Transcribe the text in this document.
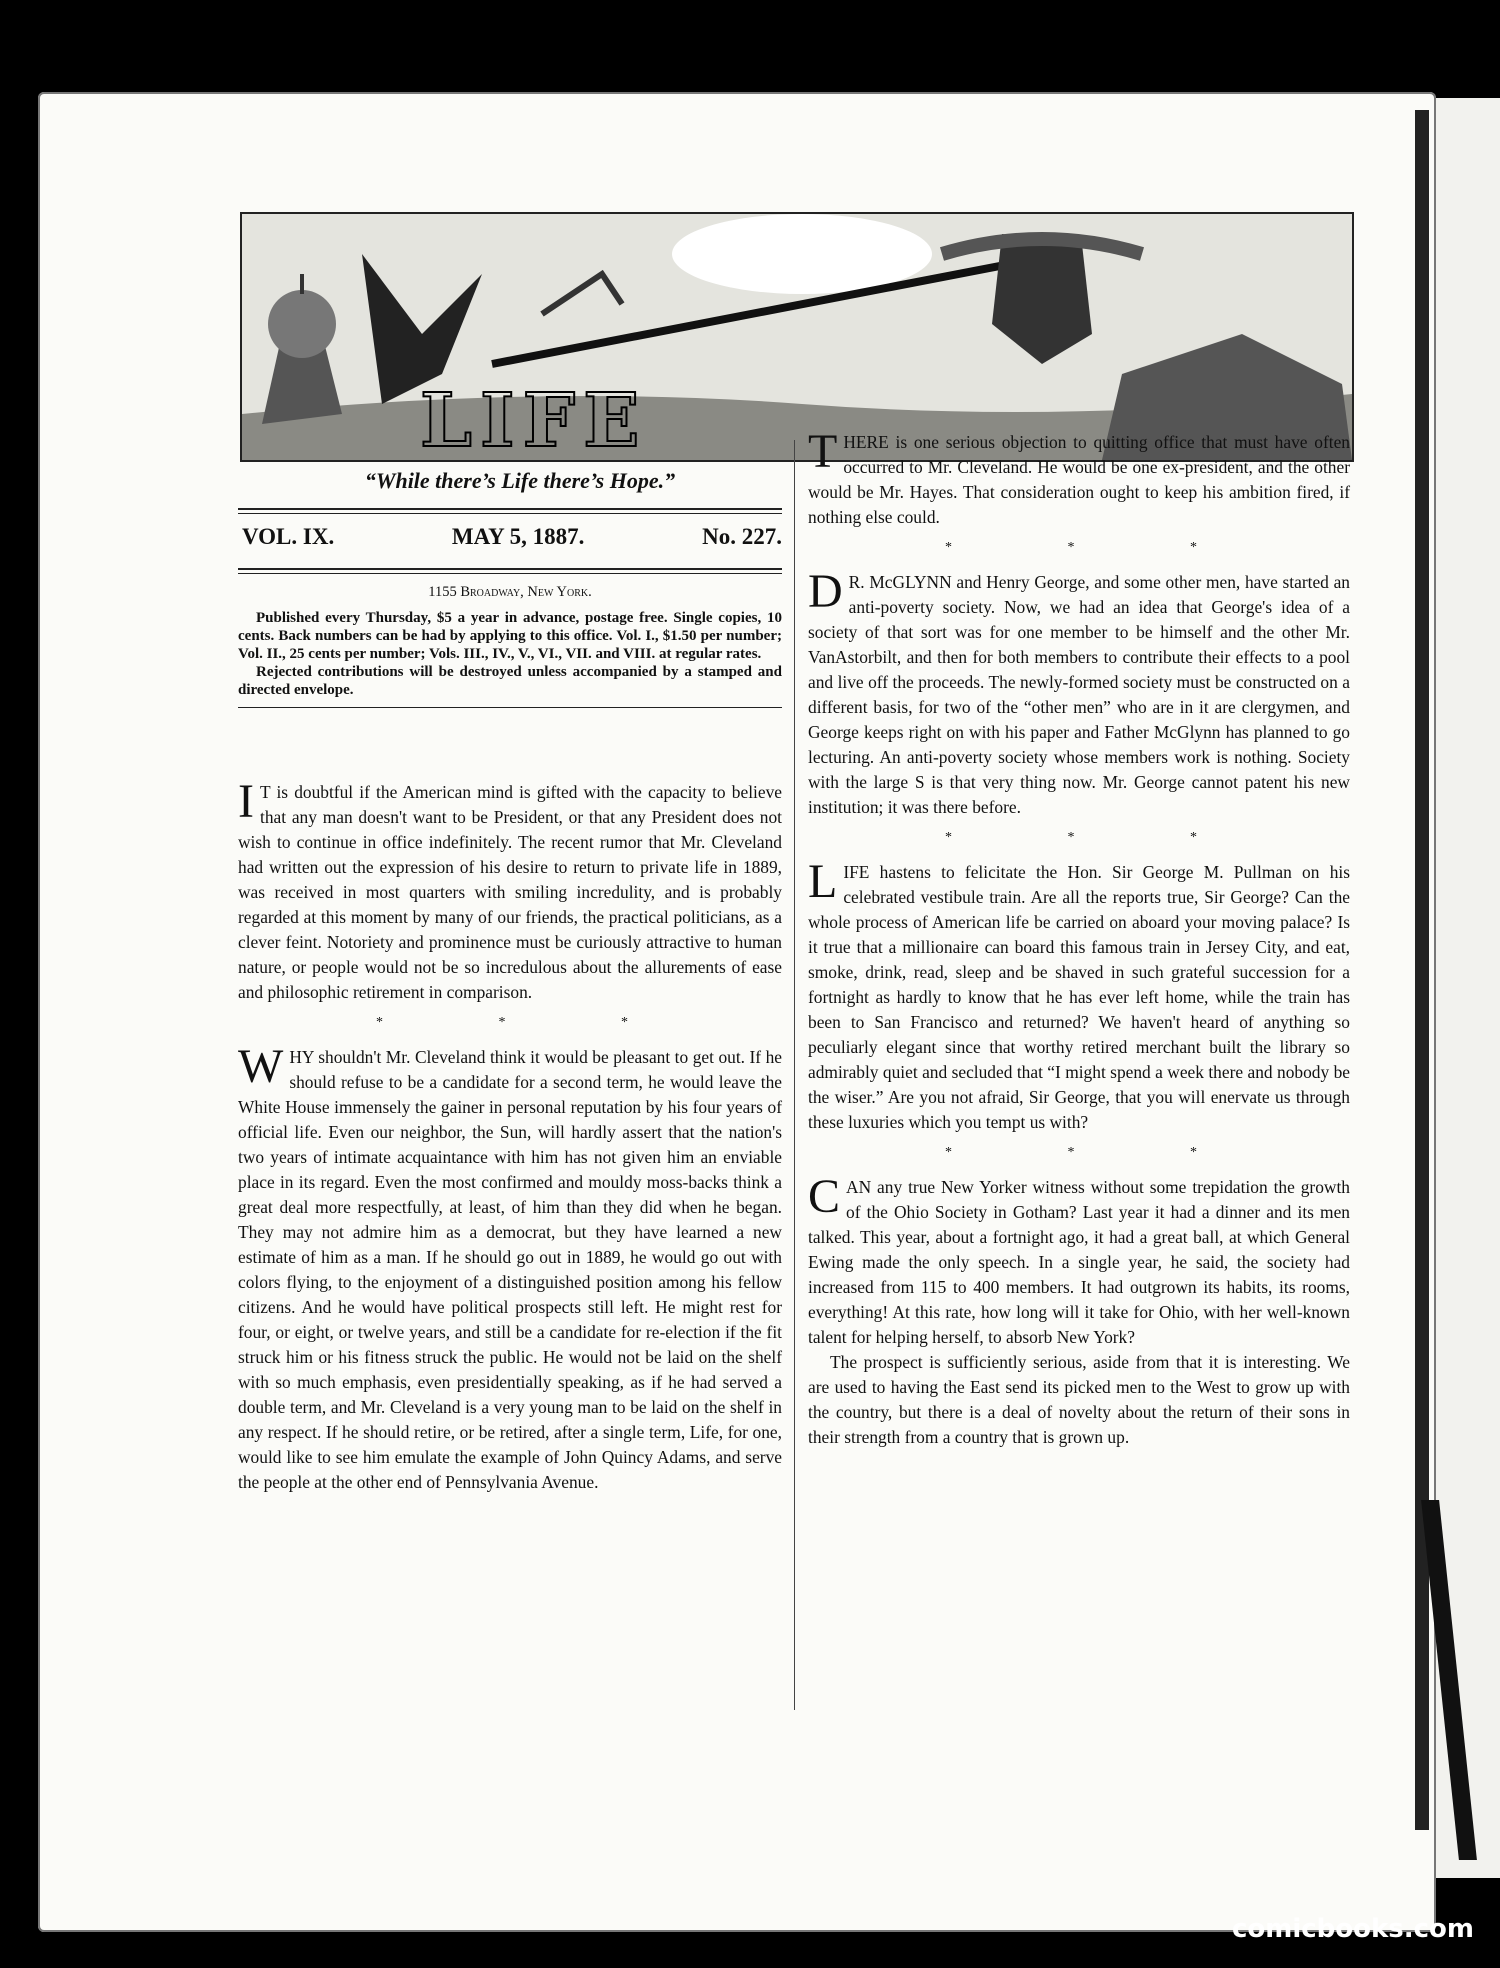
LIFE
“While there’s Life there’s Hope.”
VOL. IX.	MAY 5, 1887.	No. 227.
1155 Broadway, New York.

Published every Thursday, $5 a year in advance, postage free. Single copies, 10 cents. Back numbers can be had by applying to this office. Vol. I., $1.50 per number; Vol. II., 25 cents per number; Vols. III., IV., V., VI., VII. and VIII. at regular rates.

Rejected contributions will be destroyed unless accompanied by a stamped and directed envelope.

I T is doubtful if the American mind is gifted with the capacity to believe that any man doesn't want to be President, or that any President does not wish to continue in office indefinitely. The recent rumor that Mr. Cleveland had written out the expression of his desire to return to private life in 1889, was received in most quarters with smiling incredulity, and is probably regarded at this moment by many of our friends, the practical politicians, as a clever feint. Notoriety and prominence must be curiously attractive to human nature, or people would not be so incredulous about the allurements of ease and philosophic retirement in comparison.

* * *

WHY shouldn't Mr. Cleveland think it would be pleasant to get out. If he should refuse to be a candidate for a second term, he would leave the White House immensely the gainer in personal reputation by his four years of official life. Even our neighbor, the Sun, will hardly assert that the nation's two years of intimate acquaintance with him has not given him an enviable place in its regard. Even the most confirmed and mouldy moss-backs think a great deal more respectfully, at least, of him than they did when he began. They may not admire him as a democrat, but they have learned a new estimate of him as a man. If he should go out in 1889, he would go out with colors flying, to the enjoyment of a distinguished position among his fellow citizens. And he would have political prospects still left. He might rest for four, or eight, or twelve years, and still be a candidate for re-election if the fit struck him or his fitness struck the public. He would not be laid on the shelf with so much emphasis, even presidentially speaking, as if he had served a double term, and Mr. Cleveland is a very young man to be laid on the shelf in any respect. If he should retire, or be retired, after a single term, Life, for one, would like to see him emulate the example of John Quincy Adams, and serve the people at the other end of Pennsylvania Avenue.

THERE is one serious objection to quitting office that must have often occurred to Mr. Cleveland. He would be one ex-president, and the other would be Mr. Hayes. That consideration ought to keep his ambition fired, if nothing else could.

* * *

D R. McGLYNN and Henry George, and some other men, have started an anti-poverty society. Now, we had an idea that George's idea of a society of that sort was for one member to be himself and the other Mr. VanAstorbilt, and then for both members to contribute their effects to a pool and live off the proceeds. The newly-formed society must be constructed on a different basis, for two of the “other men” who are in it are clergymen, and George keeps right on with his paper and Father McGlynn has planned to go lecturing. An anti-poverty society whose members work is nothing. Society with the large S is that very thing now. Mr. George cannot patent his new institution; it was there before.

* * *

LIFE hastens to felicitate the Hon. Sir George M. Pullman on his celebrated vestibule train. Are all the reports true, Sir George? Can the whole process of American life be carried on aboard your moving palace? Is it true that a millionaire can board this famous train in Jersey City, and eat, smoke, drink, read, sleep and be shaved in such grateful succession for a fortnight as hardly to know that he has ever left home, while the train has been to San Francisco and returned? We haven't heard of anything so peculiarly elegant since that worthy retired merchant built the library so admirably quiet and secluded that “I might spend a week there and nobody be the wiser.” Are you not afraid, Sir George, that you will enervate us through these luxuries which you tempt us with?

* * *

CAN any true New Yorker witness without some trepidation the growth of the Ohio Society in Gotham? Last year it had a dinner and its men talked. This year, about a fortnight ago, it had a great ball, at which General Ewing made the only speech. In a single year, he said, the society had increased from 115 to 400 members. It had outgrown its habits, its rooms, everything! At this rate, how long will it take for Ohio, with her well-known talent for helping herself, to absorb New York?

The prospect is sufficiently serious, aside from that it is interesting. We are used to having the East send its picked men to the West to grow up with the country, but there is a deal of novelty about the return of their sons in their strength from a country that is grown up.

comicbooks.com
